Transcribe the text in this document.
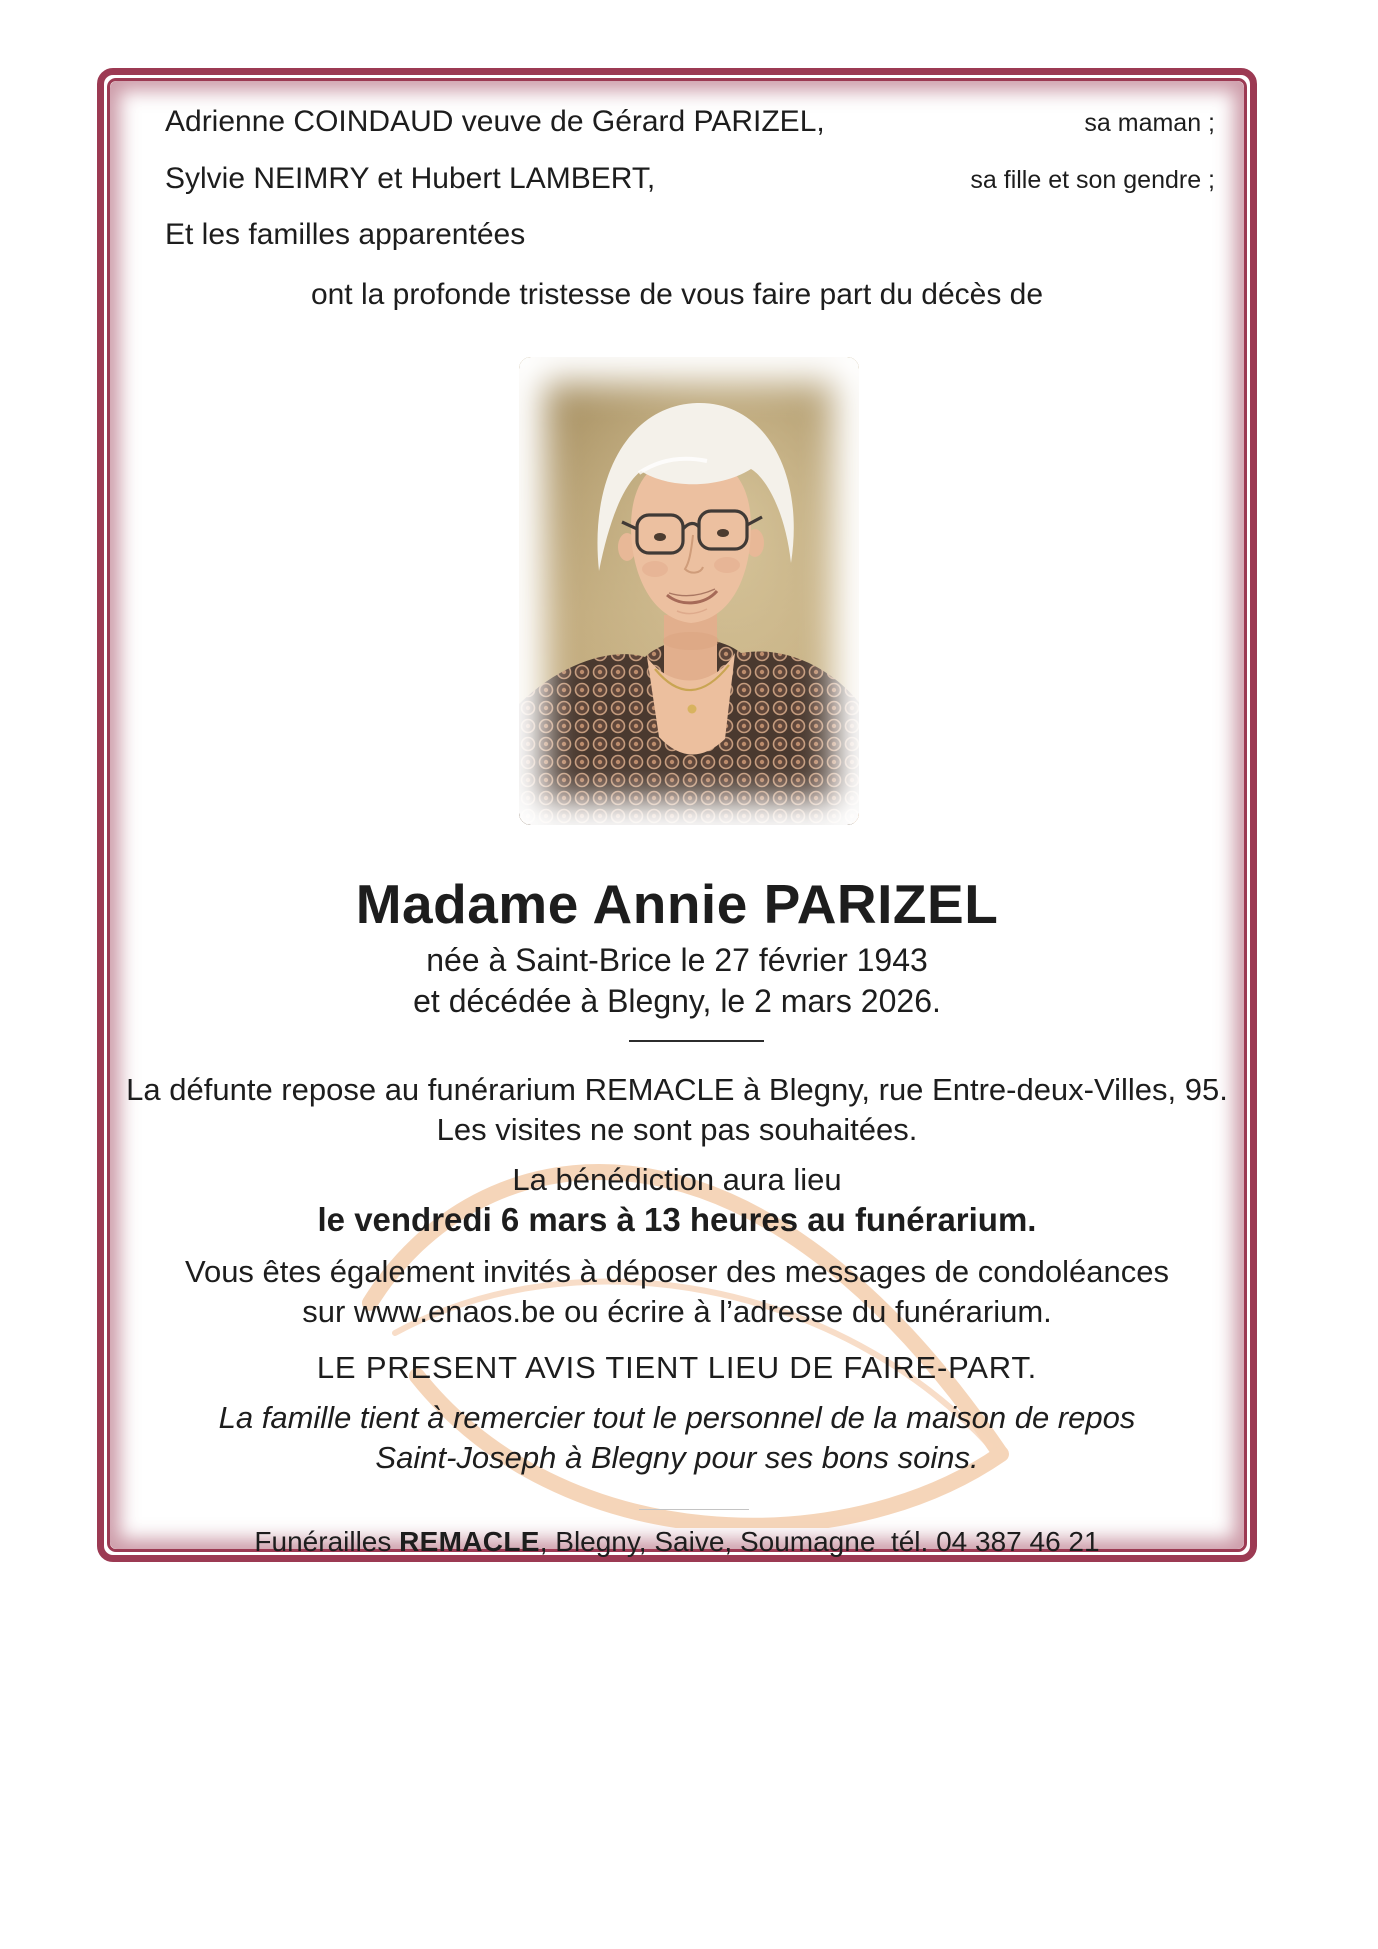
Adrienne COINDAUD veuve de Gérard PARIZEL,	sa maman ;
Sylvie NEIMRY et Hubert LAMBERT,	sa fille et son gendre ;
Et les familles apparentées
ont la profonde tristesse de vous faire part du décès de
Madame Annie PARIZEL
née à Saint-Brice le 27 février 1943
et décédée à Blegny, le 2 mars 2026.
La défunte repose au funérarium REMACLE à Blegny, rue Entre-deux-Villes, 95.
Les visites ne sont pas souhaitées.
La bénédiction aura lieu
le vendredi 6 mars à 13 heures au funérarium.
Vous êtes également invités à déposer des messages de condoléances
sur www.enaos.be ou écrire à l’adresse du funérarium.
LE PRESENT AVIS TIENT LIEU DE FAIRE-PART.
La famille tient à remercier tout le personnel de la maison de repos
Saint-Joseph à Blegny pour ses bons soins.
Funérailles REMACLE, Blegny, Saive, Soumagne  tél. 04 387 46 21
